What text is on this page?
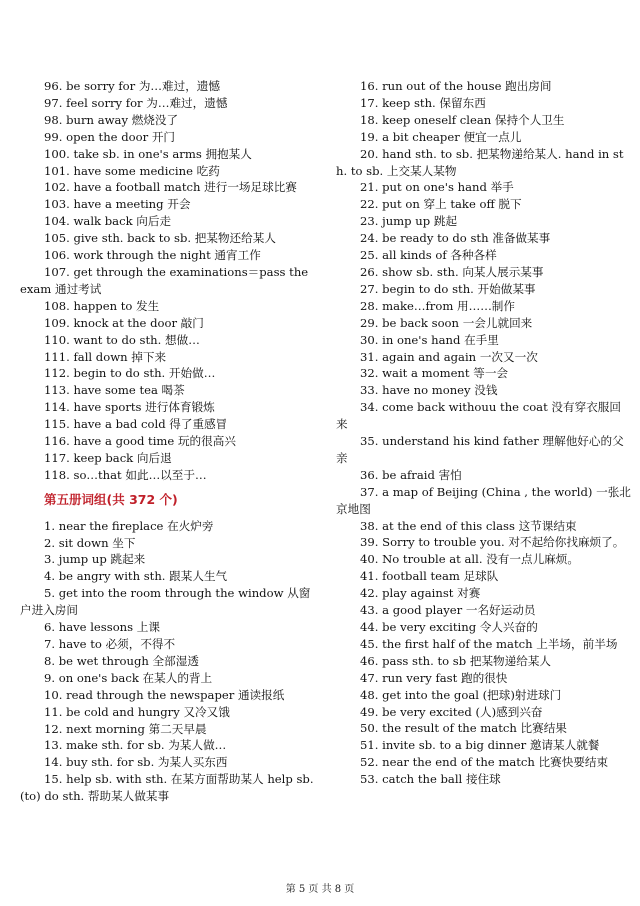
96. be sorry for 为…难过，遗憾

97. feel sorry for 为…难过，遗憾

98. burn away 燃烧没了

99. open the door 开门

100. take sb. in one's arms 拥抱某人

101. have some medicine 吃药

102. have a football match 进行一场足球比赛

103. have a meeting 开会

104. walk back 向后走

105. give sth. back to sb. 把某物还给某人

106. work through the night 通宵工作

107. get through the examinations＝pass the exam 通过考试

108. happen to 发生

109. knock at the door 敲门

110. want to do sth. 想做…

111. fall down 掉下来

112. begin to do sth. 开始做…

113. have some tea 喝茶

114. have sports 进行体育锻炼

115. have a bad cold 得了重感冒

116. have a good time 玩的很高兴

117. keep back 向后退

118. so…that 如此…以至于…

第五册词组(共 372 个)

1. near the fireplace 在火炉旁

2. sit down 坐下

3. jump up 跳起来

4. be angry with sth. 跟某人生气

5. get into the room through the window 从窗户进入房间

6. have lessons 上课

7. have to 必须，不得不

8. be wet through 全部湿透

9. on one's back 在某人的背上

10. read through the newspaper 通读报纸

11. be cold and hungry 又冷又饿

12. next morning 第二天早晨

13. make sth. for sb. 为某人做…

14. buy sth. for sb. 为某人买东西

15. help sb. with sth. 在某方面帮助某人 help sb. (to) do sth. 帮助某人做某事

16. run out of the house 跑出房间

17. keep sth. 保留东西

18. keep oneself clean 保持个人卫生

19. a bit cheaper 便宜一点儿

20. hand sth. to sb. 把某物递给某人. hand in sth. to sb. 上交某人某物

21. put on one's hand 举手

22. put on 穿上 take off 脱下

23. jump up 跳起

24. be ready to do sth 准备做某事

25. all kinds of 各种各样

26. show sb. sth. 向某人展示某事

27. begin to do sth. 开始做某事

28. make…from 用……制作

29. be back soon 一会儿就回来

30. in one's hand 在手里

31. again and again 一次又一次

32. wait a moment 等一会

33. have no money 没钱

34. come back withouu the coat 没有穿衣服回来

35. understand his kind father 理解他好心的父亲

36. be afraid 害怕

37. a map of Beijing (China , the world) 一张北京地图

38. at the end of this class 这节课结束

39. Sorry to trouble you. 对不起给你找麻烦了。

40. No trouble at all. 没有一点儿麻烦。

41. football team 足球队

42. play against 对赛

43. a good player 一名好运动员

44. be very exciting 令人兴奋的

45. the first half of the match 上半场，前半场

46. pass sth. to sb 把某物递给某人

47. run very fast 跑的很快

48. get into the goal (把球)射进球门

49. be very excited (人)感到兴奋

50. the result of the match 比赛结果

51. invite sb. to a big dinner 邀请某人就餐

52. near the end of the match 比赛快要结束

53. catch the ball 接住球

第 5 页 共 8 页
